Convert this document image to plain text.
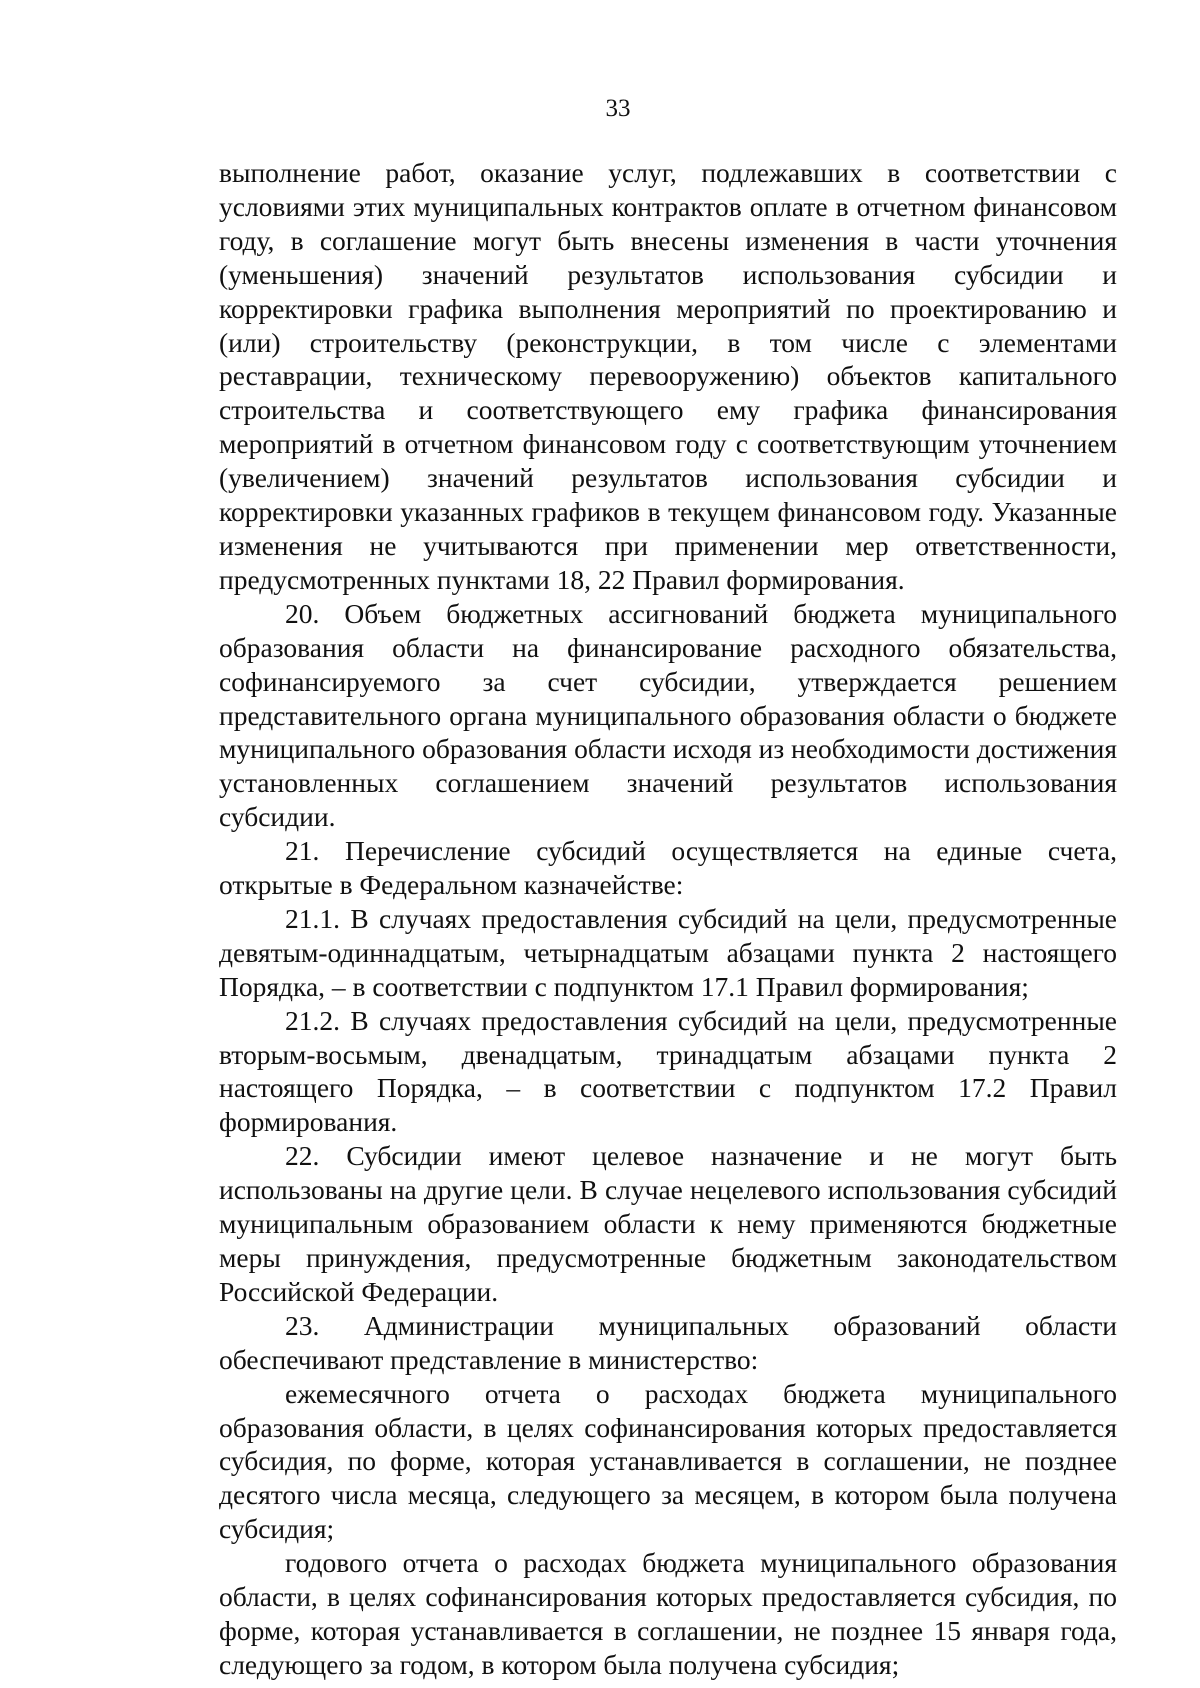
33

выполнение работ, оказание услуг, подлежавших в соответствии с условиями этих муниципальных контрактов оплате в отчетном финансовом году, в соглашение могут быть внесены изменения в части уточнения (уменьшения) значений результатов использования субсидии и корректировки графика выполнения мероприятий по проектированию и (или) строительству (реконструкции, в том числе с элементами реставрации, техническому перевооружению) объектов капитального строительства и соответствующего ему графика финансирования мероприятий в отчетном финансовом году с соответствующим уточнением (увеличением) значений результатов использования субсидии и корректировки указанных графиков в текущем финансовом году. Указанные изменения не учитываются при применении мер ответственности, предусмотренных пунктами 18, 22 Правил формирования.

20. Объем бюджетных ассигнований бюджета муниципального образования области на финансирование расходного обязательства, софинансируемого за счет субсидии, утверждается решением представительного органа муниципального образования области о бюджете муниципального образования области исходя из необходимости достижения установленных соглашением значений результатов использования субсидии.

21. Перечисление субсидий осуществляется на единые счета, открытые в Федеральном казначействе:

21.1. В случаях предоставления субсидий на цели, предусмотренные девятым-одиннадцатым, четырнадцатым абзацами пункта 2 настоящего Порядка, – в соответствии с подпунктом 17.1 Правил формирования;

21.2. В случаях предоставления субсидий на цели, предусмотренные вторым-восьмым, двенадцатым, тринадцатым абзацами пункта 2 настоящего Порядка, – в соответствии с подпунктом 17.2 Правил формирования.

22. Субсидии имеют целевое назначение и не могут быть использованы на другие цели. В случае нецелевого использования субсидий муниципальным образованием области к нему применяются бюджетные меры принуждения, предусмотренные бюджетным законодательством Российской Федерации.

23. Администрации муниципальных образований области обеспечивают представление в министерство:

ежемесячного отчета о расходах бюджета муниципального образования области, в целях софинансирования которых предоставляется субсидия, по форме, которая устанавливается в соглашении, не позднее десятого числа месяца, следующего за месяцем, в котором была получена субсидия;

годового отчета о расходах бюджета муниципального образования области, в целях софинансирования которых предоставляется субсидия, по форме, которая устанавливается в соглашении, не позднее 15 января года, следующего за годом, в котором была получена субсидия;
